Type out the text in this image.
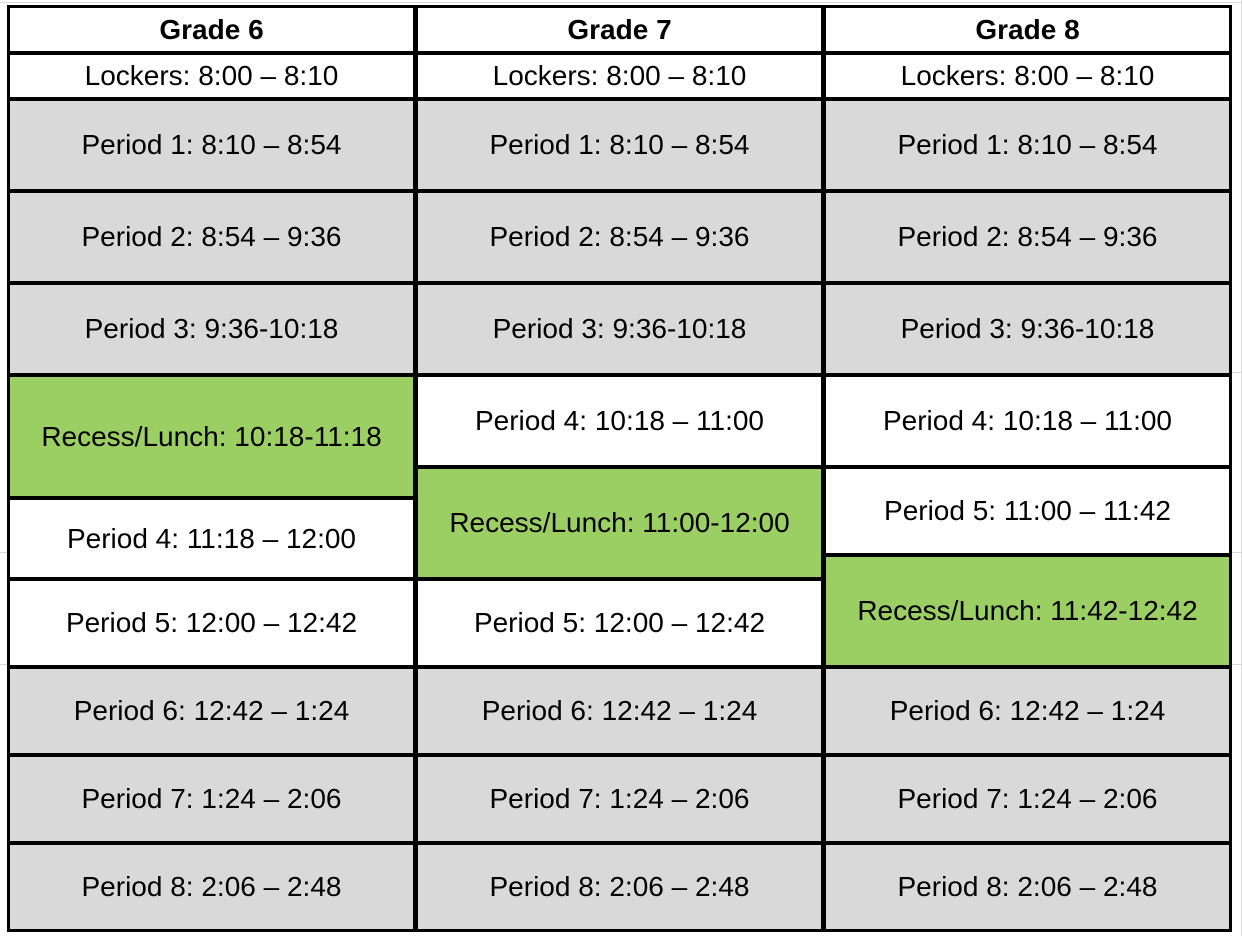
Grade 6
Lockers: 8:00 – 8:10
Period 1: 8:10 – 8:54
Period 2: 8:54 – 9:36
Period 3: 9:36-10:18
Recess/Lunch: 10:18-11:18
Period 4: 11:18 – 12:00
Period 5: 12:00 – 12:42
Period 6: 12:42 – 1:24
Period 7: 1:24 – 2:06
Period 8: 2:06 – 2:48
Grade 7
Lockers: 8:00 – 8:10
Period 1: 8:10 – 8:54
Period 2: 8:54 – 9:36
Period 3: 9:36-10:18
Period 4: 10:18 – 11:00
Recess/Lunch: 11:00-12:00
Period 5: 12:00 – 12:42
Period 6: 12:42 – 1:24
Period 7: 1:24 – 2:06
Period 8: 2:06 – 2:48
Grade 8
Lockers: 8:00 – 8:10
Period 1: 8:10 – 8:54
Period 2: 8:54 – 9:36
Period 3: 9:36-10:18
Period 4: 10:18 – 11:00
Period 5: 11:00 – 11:42
Recess/Lunch: 11:42-12:42
Period 6: 12:42 – 1:24
Period 7: 1:24 – 2:06
Period 8: 2:06 – 2:48
